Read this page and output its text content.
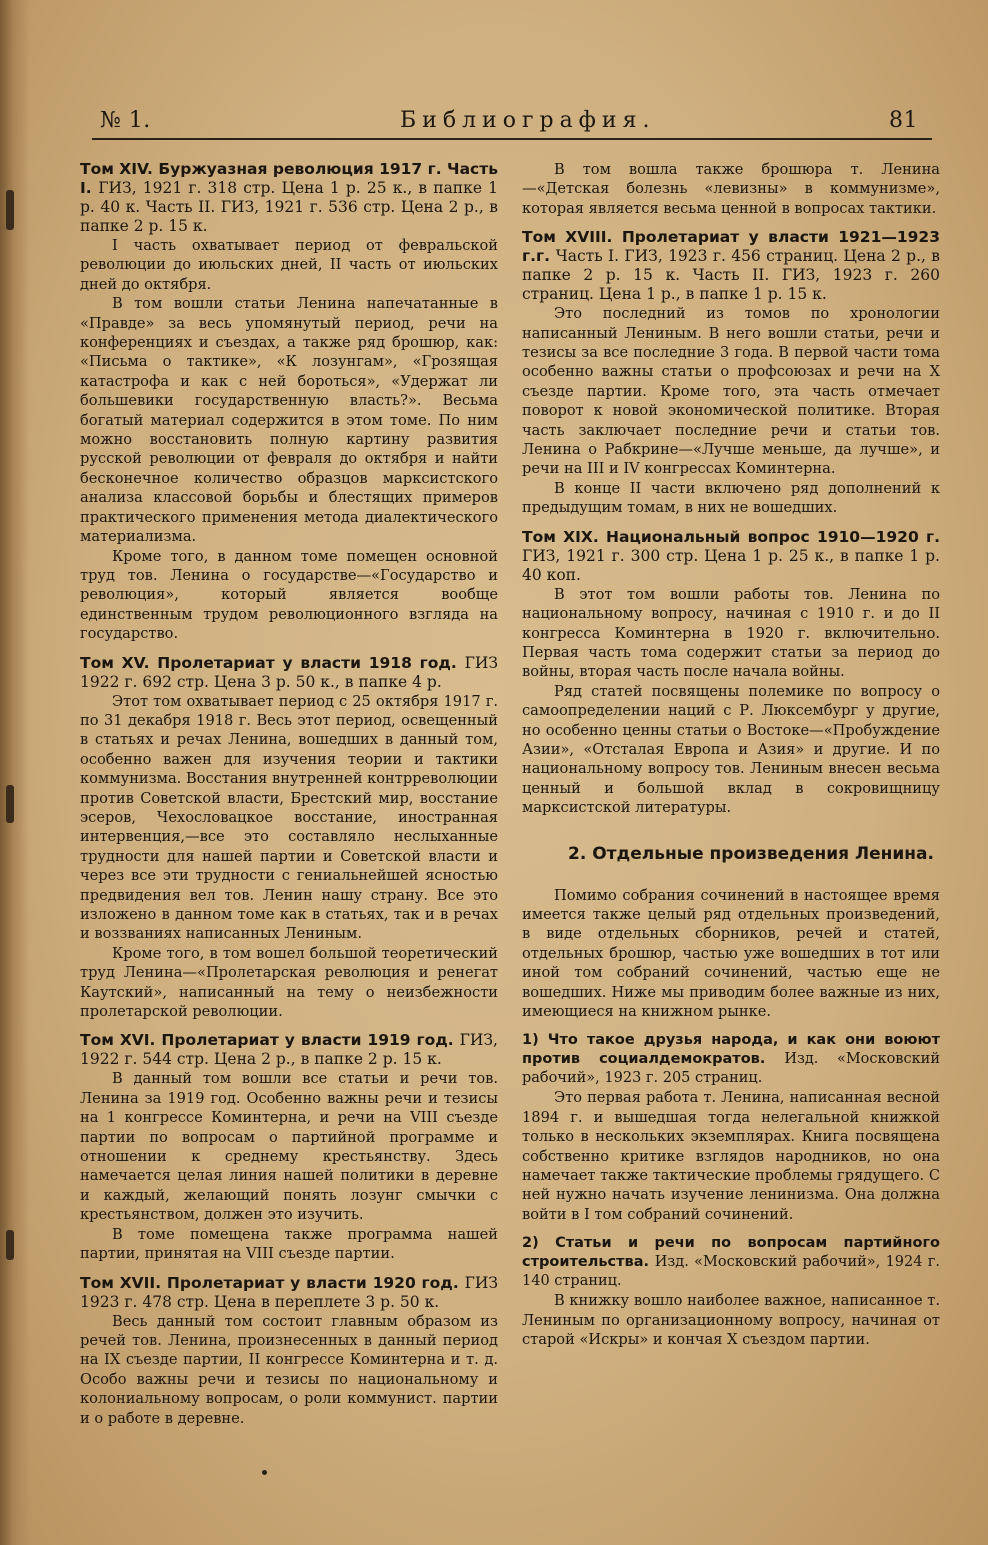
№ 1.	Библиография.	81
Том XIV. Буржуазная революция 1917 г. Часть I. ГИЗ, 1921 г. 318 стр. Цена 1 р. 25 к., в папке 1 р. 40 к. Часть II. ГИЗ, 1921 г. 536 стр. Цена 2 р., в папке 2 р. 15 к.

I часть охватывает период от февральской революции до июльских дней, II часть от июльских дней до октября.

В том вошли статьи Ленина напечатанные в «Правде» за весь упомянутый период, речи на конференциях и съездах, а также ряд брошюр, как: «Письма о тактике», «К лозунгам», «Грозящая катастрофа и как с ней бороться», «Удержат ли большевики государственную власть?». Весьма богатый материал содержится в этом томе. По ним можно восстановить полную картину развития русской революции от февраля до октября и найти бесконечное количество образцов марксистского анализа классовой борьбы и блестящих примеров практического применения метода диалектического материализма.

Кроме того, в данном томе помещен основной труд тов. Ленина о государстве—«Государство и революция», который является вообще единственным трудом революционного взгляда на государство.

Том XV. Пролетариат у власти 1918 год. ГИЗ 1922 г. 692 стр. Цена 3 р. 50 к., в папке 4 р.

Этот том охватывает период с 25 октября 1917 г. по 31 декабря 1918 г. Весь этот период, освещенный в статьях и речах Ленина, вошедших в данный том, особенно важен для изучения теории и тактики коммунизма. Восстания внутренней контрреволюции против Советской власти, Брестский мир, восстание эсеров, Чехословацкое восстание, иностранная интервенция,—все это составляло неслыханные трудности для нашей партии и Советской власти и через все эти трудности с гениальнейшей ясностью предвидения вел тов. Ленин нашу страну. Все это изложено в данном томе как в статьях, так и в речах и воззваниях написанных Лениным.

Кроме того, в том вошел большой теоретический труд Ленина—«Пролетарская революция и ренегат Каутский», написанный на тему о неизбежности пролетарской революции.

Том XVI. Пролетариат у власти 1919 год. ГИЗ, 1922 г. 544 стр. Цена 2 р., в папке 2 р. 15 к.

В данный том вошли все статьи и речи тов. Ленина за 1919 год. Особенно важны речи и тезисы на 1 конгрессе Коминтерна, и речи на VIII съезде партии по вопросам о партийной программе и отношении к среднему крестьянству. Здесь намечается целая линия нашей политики в деревне и каждый, желающий понять лозунг смычки с крестьянством, должен это изучить.

В томе помещена также программа нашей партии, принятая на VIII съезде партии.

Том XVII. Пролетариат у власти 1920 год. ГИЗ 1923 г. 478 стр. Цена в переплете 3 р. 50 к.

Весь данный том состоит главным образом из речей тов. Ленина, произнесенных в данный период на IX съезде партии, II конгрессе Коминтерна и т. д. Особо важны речи и тезисы по национальному и колониальному вопросам, о роли коммунист. партии и о работе в деревне.

В том вошла также брошюра т. Ленина—«Детская болезнь «левизны» в коммунизме», которая является весьма ценной в вопросах тактики.

Том XVIII. Пролетариат у власти 1921—1923 г.г. Часть I. ГИЗ, 1923 г. 456 страниц. Цена 2 р., в папке 2 р. 15 к. Часть II. ГИЗ, 1923 г. 260 страниц. Цена 1 р., в папке 1 р. 15 к.

Это последний из томов по хронологии написанный Лениным. В него вошли статьи, речи и тезисы за все последние 3 года. В первой части тома особенно важны статьи о профсоюзах и речи на X съезде партии. Кроме того, эта часть отмечает поворот к новой экономической политике. Вторая часть заключает последние речи и статьи тов. Ленина о Рабкрине—«Лучше меньше, да лучше», и речи на III и IV конгрессах Коминтерна.

В конце II части включено ряд дополнений к предыдущим томам, в них не вошедших.

Том XIX. Национальный вопрос 1910—1920 г. ГИЗ, 1921 г. 300 стр. Цена 1 р. 25 к., в папке 1 р. 40 коп.

В этот том вошли работы тов. Ленина по национальному вопросу, начиная с 1910 г. и до II конгресса Коминтерна в 1920 г. включительно. Первая часть тома содержит статьи за период до войны, вторая часть после начала войны.

Ряд статей посвящены полемике по вопросу о самоопределении наций с Р. Люксембург у другие, но особенно ценны статьи о Востоке—«Пробуждение Азии», «Отсталая Европа и Азия» и другие. И по национальному вопросу тов. Лениным внесен весьма ценный и большой вклад в сокровищницу марксистской литературы.

2. Отдельные произведения Ленина.

Помимо собрания сочинений в настоящее время имеется также целый ряд отдельных произведений, в виде отдельных сборников, речей и статей, отдельных брошюр, частью уже вошедших в тот или иной том собраний сочинений, частью еще не вошедших. Ниже мы приводим более важные из них, имеющиеся на книжном рынке.

1) Что такое друзья народа, и как они воюют против социалдемократов. Изд. «Московский рабочий», 1923 г. 205 страниц.

Это первая работа т. Ленина, написанная весной 1894 г. и вышедшая тогда нелегальной книжкой только в нескольких экземплярах. Книга посвящена собственно критике взглядов народников, но она намечает также тактические проблемы грядущего. С ней нужно начать изучение ленинизма. Она должна войти в I том собраний сочинений.

2) Статьи и речи по вопросам партийного строительства. Изд. «Московский рабочий», 1924 г. 140 страниц.

В книжку вошло наиболее важное, написанное т. Лениным по организационному вопросу, начиная от старой «Искры» и кончая X съездом партии.
